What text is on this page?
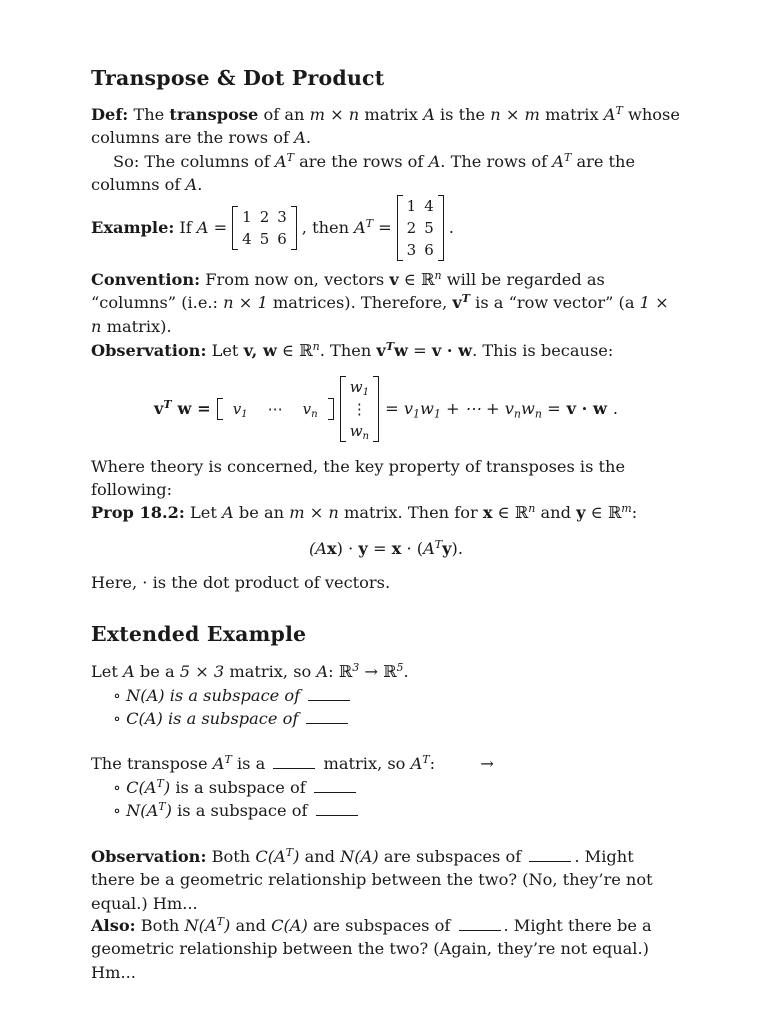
Transpose & Dot Product
Def: The transpose of an m × n matrix A is the n × m matrix $A^T$ whose columns are the rows of A.
So: The columns of $A^T$ are the rows of A. The rows of $A^T$ are the columns of A.
Example: If A =
1	2	3
4	5	6
, then $A^T$ =
1	4
2	5
3	6
.
Convention: From now on, vectors v ∈ ℝ$^n$ will be regarded as “columns” (i.e.: n × 1 matrices). Therefore, $v^T$ is a “row vector” (a 1 × n matrix).
Observation: Let v, w ∈ ℝ$^n$. Then $v^Tw = v \cdot w$. This is because:
$v^T$ $w = v_1$	⋯	$v_n$
$w_1$
⋮
$w_n$
= $v_1w_1$ + ⋯ + $v_nw_n = v \cdot w$ .
Where theory is concerned, the key property of transposes is the following:
Prop 18.2: Let A be an m × n matrix. Then for x ∈ ℝ$^n$ and y ∈ ℝ$^m$:
$(Ax) \cdot y = x \cdot (A^Ty)$.
Here, · is the dot product of vectors.
Extended Example
Let A be a 5 × 3 matrix, so A: ℝ$^3$ → ℝ$^5$.
∘ N(A) is a subspace of
∘ C(A) is a subspace of
The transpose $A^T$ is a	matrix, so $A^T$:	→
∘ $C(A^T)$ is a subspace of
∘ $N(A^T)$ is a subspace of
Observation: Both $C(A^T)$ and N(A) are subspaces of	. Might there be a geometric relationship between the two? (No, they’re not equal.) Hm...
Also: Both $N(A^T)$ and C(A) are subspaces of	. Might there be a geometric relationship between the two? (Again, they’re not equal.) Hm...
